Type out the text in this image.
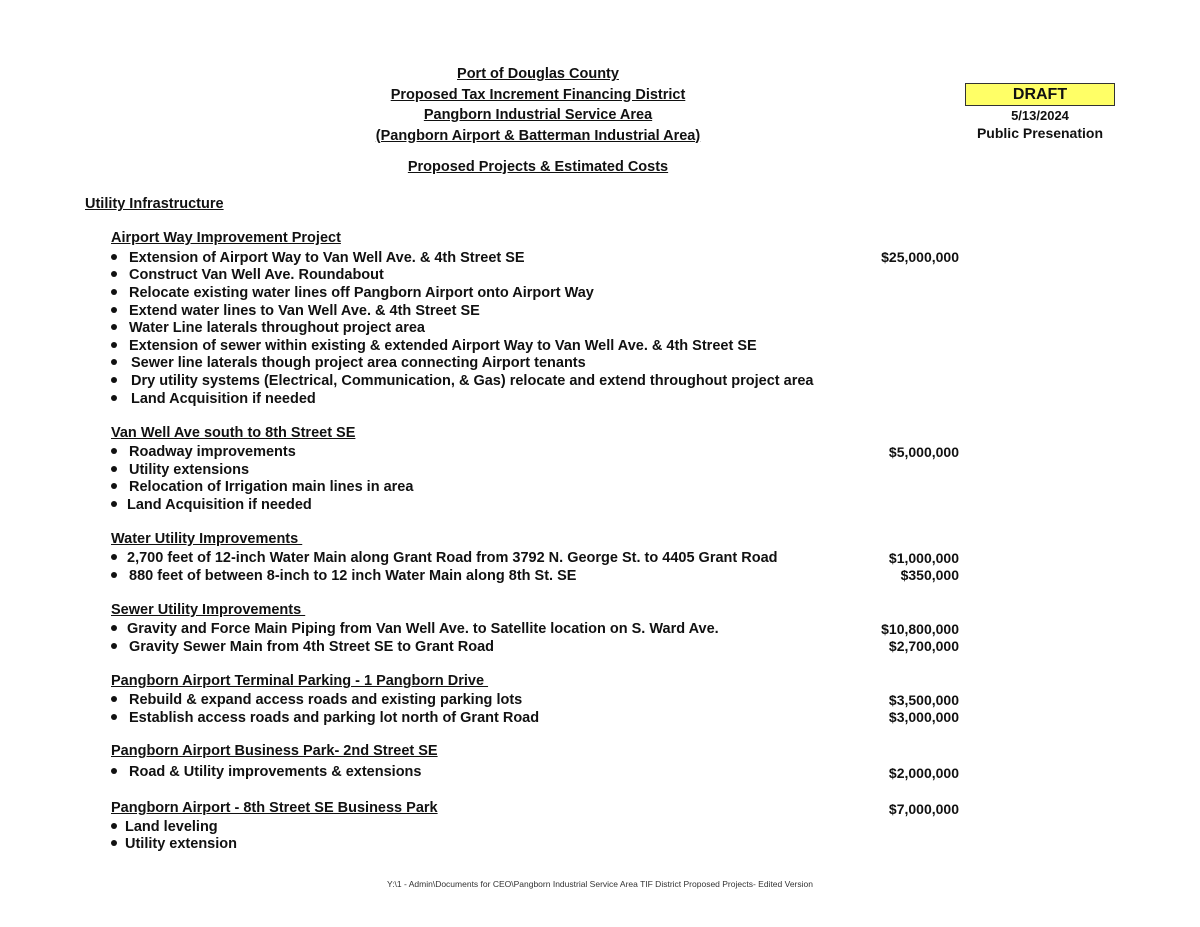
Port of Douglas County
Proposed Tax Increment Financing District
Pangborn Industrial Service Area
(Pangborn Airport & Batterman Industrial Area)
Proposed Projects & Estimated Costs
DRAFT
5/13/2024
Public Presenation
Utility Infrastructure
Airport Way Improvement Project
Extension of Airport Way to Van Well Ave. & 4th Street SE	$25,000,000
Construct Van Well Ave. Roundabout
Relocate existing water lines off Pangborn Airport onto Airport Way
Extend water lines to Van Well Ave. & 4th Street SE
Water Line laterals throughout project area
Extension of sewer within existing & extended Airport Way to Van Well Ave. & 4th Street SE
Sewer line laterals though project area connecting Airport tenants
Dry utility systems (Electrical, Communication, & Gas) relocate and extend throughout project area
Land Acquisition if needed
Van Well Ave south to 8th Street SE
Roadway improvements	$5,000,000
Utility extensions
Relocation of Irrigation main lines in area
Land Acquisition if needed
Water Utility Improvements
2,700 feet of 12-inch Water Main along Grant Road from 3792 N. George St. to 4405 Grant Road	$1,000,000
880 feet of between 8-inch to 12 inch Water Main along 8th St. SE	$350,000
Sewer Utility Improvements
Gravity and Force Main Piping from Van Well Ave. to Satellite location on S. Ward Ave.	$10,800,000
Gravity Sewer Main from 4th Street SE to Grant Road	$2,700,000
Pangborn Airport Terminal Parking - 1 Pangborn Drive
Rebuild & expand access roads and existing parking lots	$3,500,000
Establish access roads and parking lot north of Grant Road	$3,000,000
Pangborn Airport Business Park- 2nd Street SE
Road & Utility improvements & extensions	$2,000,000
Pangborn Airport - 8th Street SE Business Park	$7,000,000
Land leveling
Utility extension
Y:\1 - Admin\Documents for CEO\Pangborn Industrial Service Area TIF District Proposed Projects- Edited Version
